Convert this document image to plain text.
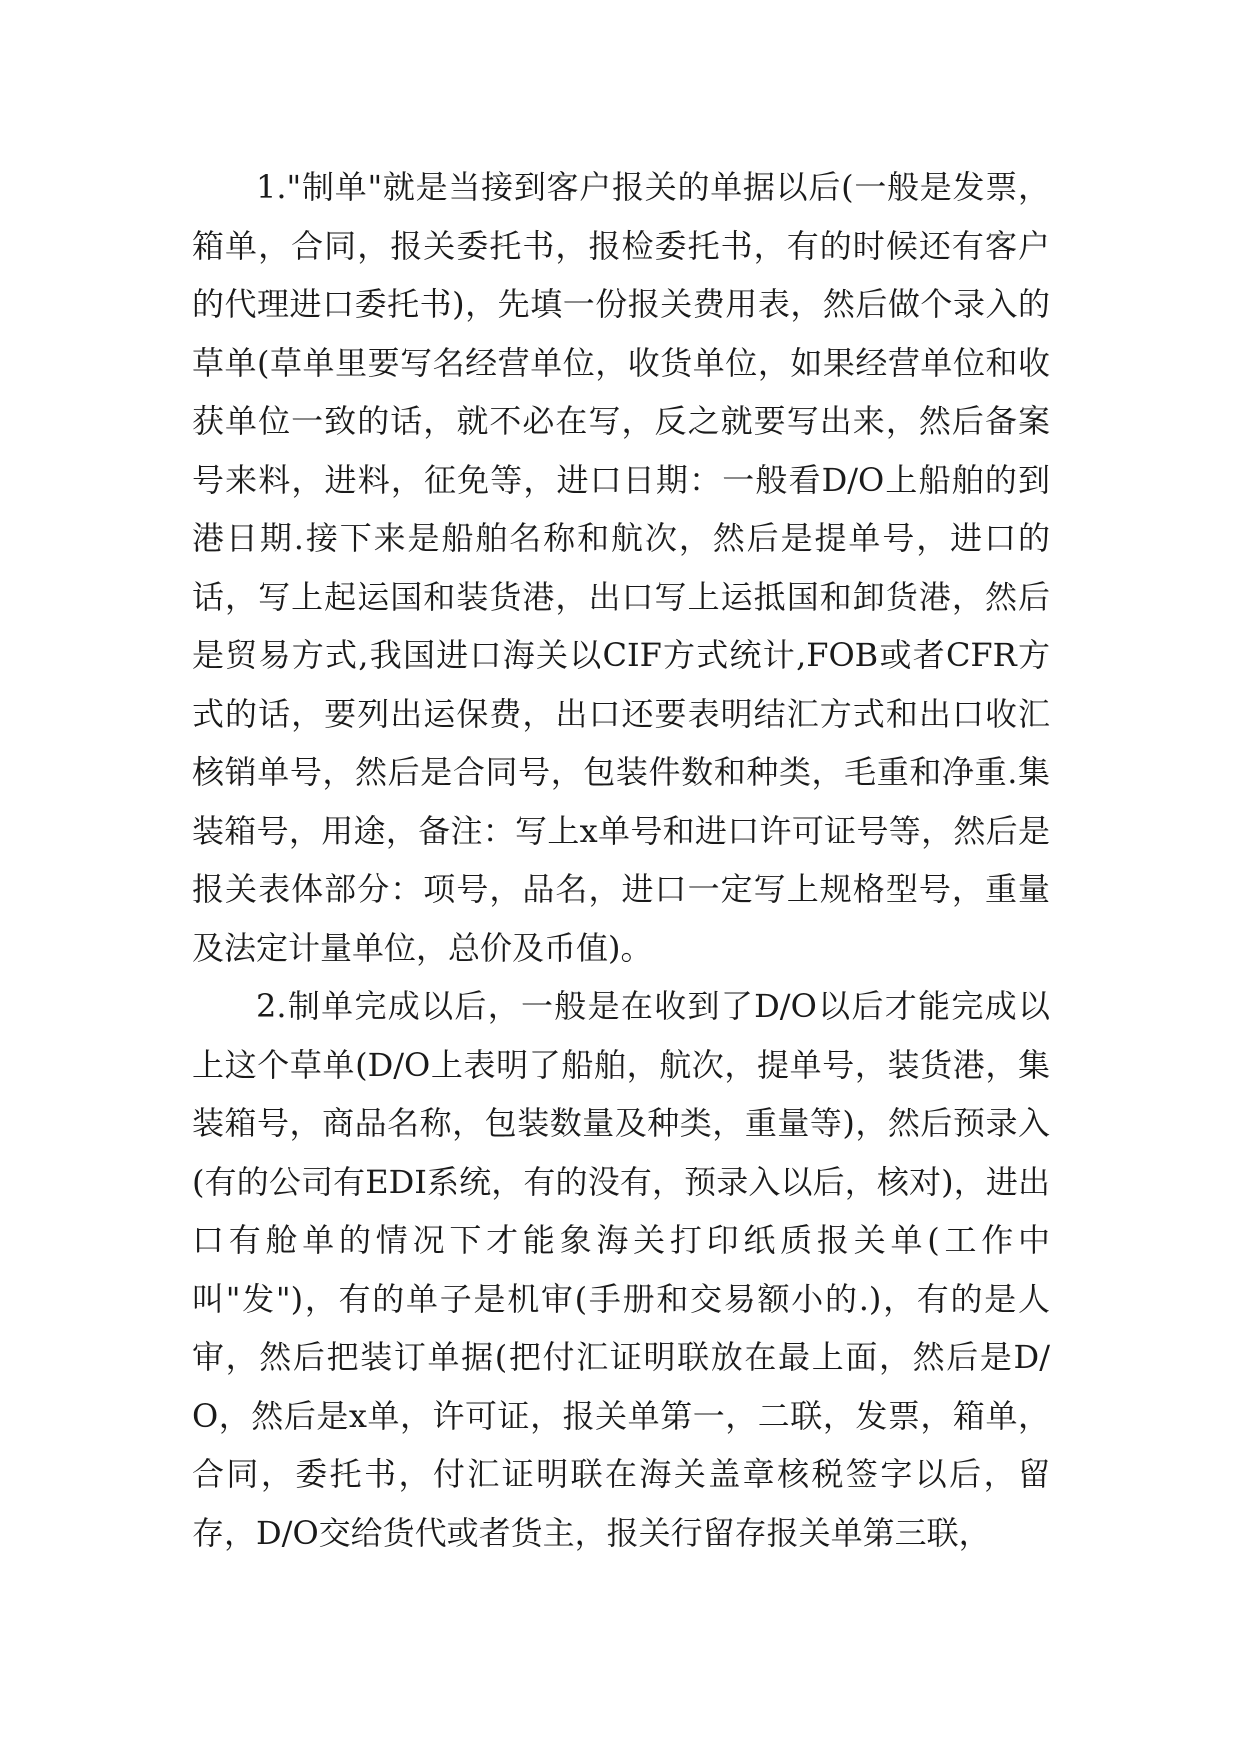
1."制单"就是当接到客户报关的单据以后(一般是发票，箱单，合同，报关委托书，报检委托书，有的时候还有客户的代理进口委托书)，先填一份报关费用表，然后做个录入的草单(草单里要写名经营单位，收货单位，如果经营单位和收获单位一致的话，就不必在写，反之就要写出来，然后备案号来料，进料，征免等，进口日期：一般看D/O上船舶的到港日期.接下来是船舶名称和航次，然后是提单号，进口的话，写上起运国和装货港，出口写上运抵国和卸货港，然后是贸易方式,我国进口海关以CIF方式统计,FOB或者CFR方式的话，要列出运保费，出口还要表明结汇方式和出口收汇核销单号，然后是合同号，包装件数和种类，毛重和净重.集装箱号，用途，备注：写上x单号和进口许可证号等，然后是报关表体部分：项号，品名，进口一定写上规格型号，重量及法定计量单位，总价及币值)。

2.制单完成以后，一般是在收到了D/O以后才能完成以上这个草单(D/O上表明了船舶，航次，提单号，装货港，集装箱号，商品名称，包装数量及种类，重量等)，然后预录入(有的公司有EDI系统，有的没有，预录入以后，核对)，进出口有舱单的情况下才能象海关打印纸质报关单(工作中叫"发")，有的单子是机审(手册和交易额小的.)，有的是人审，然后把装订单据(把付汇证明联放在最上面，然后是D/O，然后是x单，许可证，报关单第一，二联，发票，箱单，合同，委托书，付汇证明联在海关盖章核税签字以后，留存，D/O交给货代或者货主，报关行留存报关单第三联，
